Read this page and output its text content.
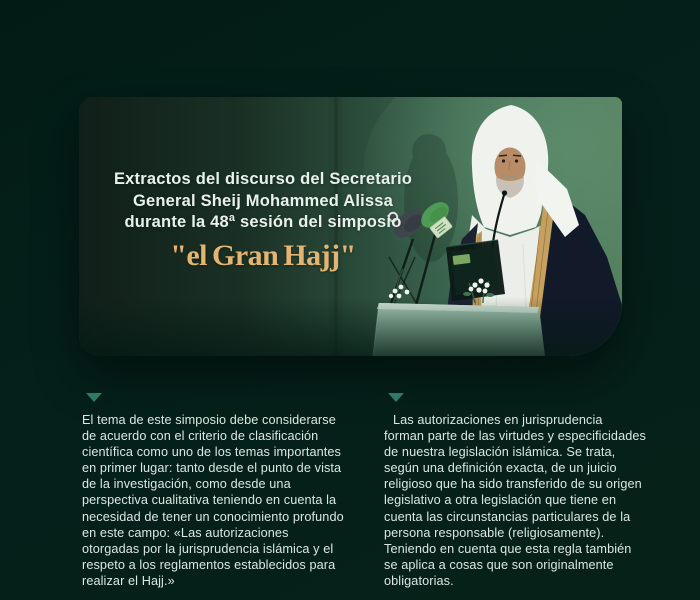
Extractos del discurso del Secretario
General Sheij Mohammed Alissa
durante la 48ª sesión del simposio
"el Gran Hajj"

El tema de este simposio debe considerarse de acuerdo con el criterio de clasificación científica como uno de los temas importantes en primer lugar: tanto desde el punto de vista de la investigación, como desde una perspectiva cualitativa teniendo en cuenta la necesidad de tener un conocimiento profundo en este campo: «Las autorizaciones otorgadas por la jurisprudencia islámica y el respeto a los reglamentos establecidos para realizar el Hajj.»

Las autorizaciones en jurisprudencia forman parte de las virtudes y especificidades de nuestra legislación islámica. Se trata, según una definición exacta, de un juicio religioso que ha sido transferido de su origen legislativo a otra legislación que tiene en cuenta las circunstancias particulares de la persona responsable (religiosamente). Teniendo en cuenta que esta regla también se aplica a cosas que son originalmente obligatorias.
